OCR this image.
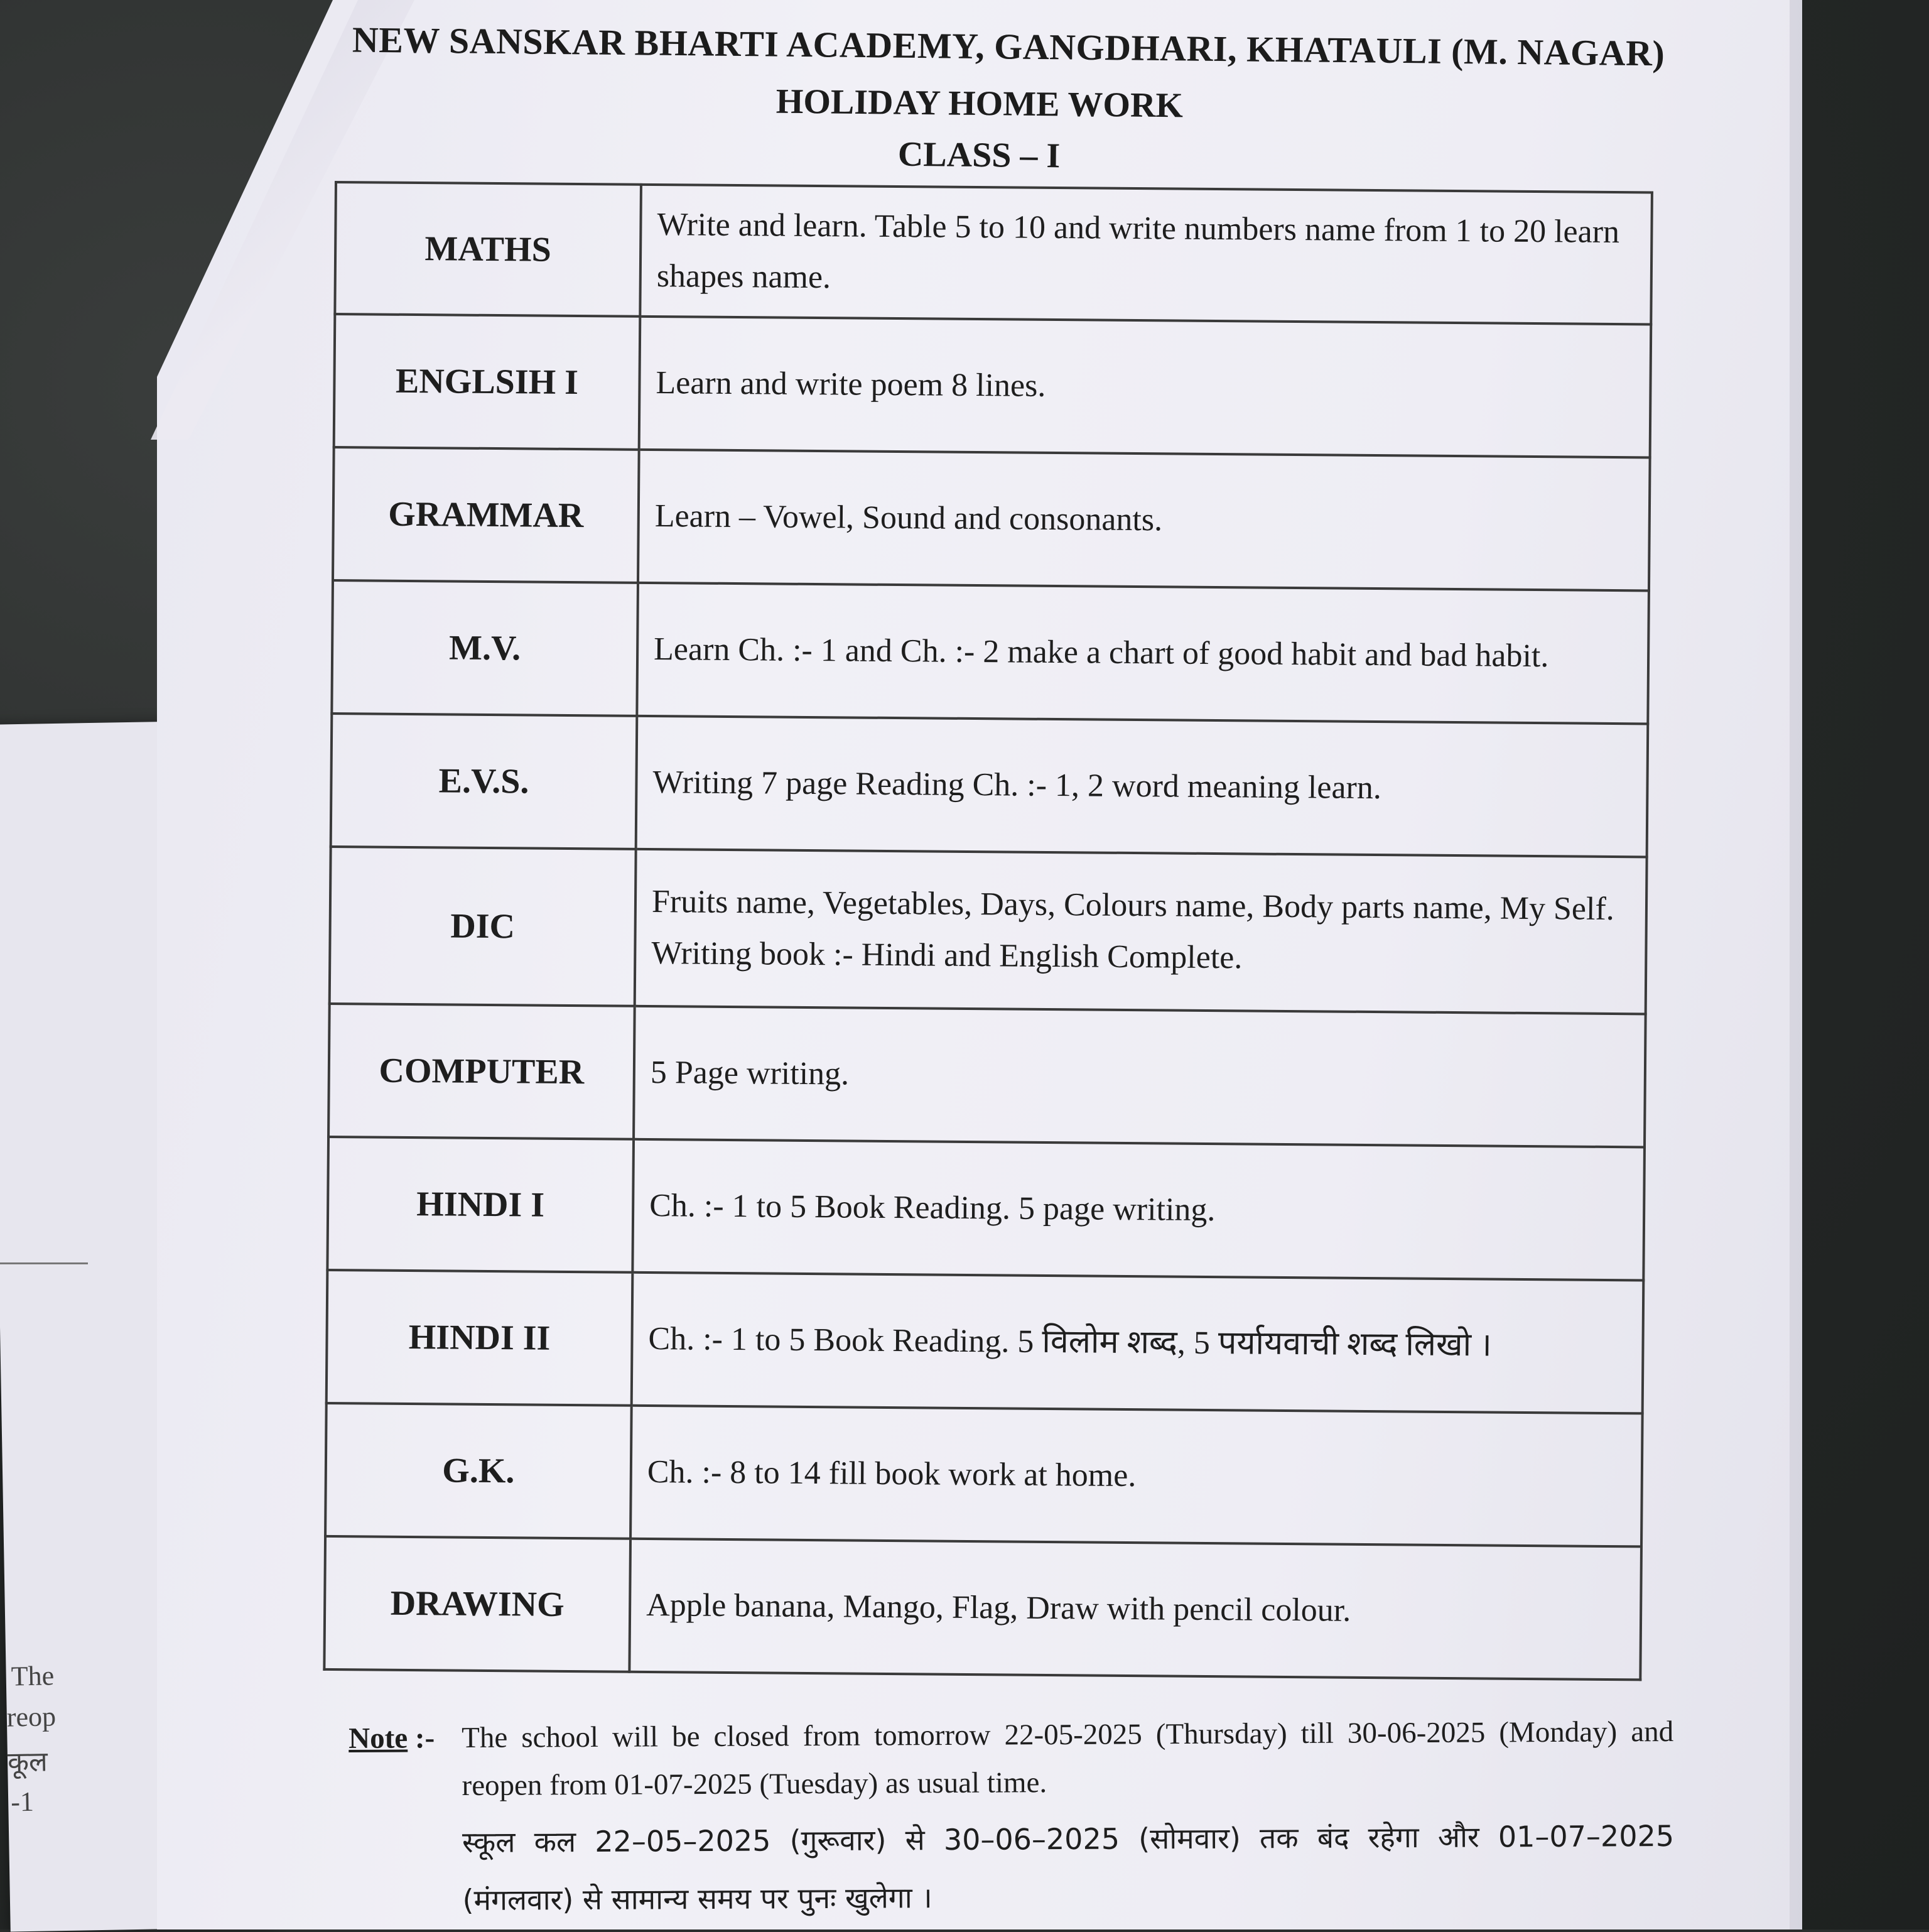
The
reop
कूल
-1
NEW SANSKAR BHARTI ACADEMY, GANGDHARI, KHATAULI (M. NAGAR)
HOLIDAY HOME WORK
CLASS – I
MATHS	Write and learn. Table 5 to 10 and write numbers name from 1 to 20 learn shapes name.

ENGLSIH I	Learn and write poem 8 lines.

GRAMMAR	Learn – Vowel, Sound and consonants.

M.V.	Learn Ch. :- 1 and Ch. :- 2 make a chart of good habit and bad habit.

E.V.S.	Writing 7 page Reading Ch. :- 1, 2 word meaning learn.

DIC	Fruits name, Vegetables, Days, Colours name, Body parts name, My Self.
Writing book :- Hindi and English Complete.

COMPUTER	5 Page writing.

HINDI I	Ch. :- 1 to 5 Book Reading. 5 page writing.

HINDI II	Ch. :- 1 to 5 Book Reading. 5 विलोम शब्द, 5 पर्यायवाची शब्द लिखो ।

G.K.	Ch. :- 8 to 14 fill book work at home.

DRAWING	Apple banana, Mango, Flag, Draw with pencil colour.
Note :- The school will be closed from tomorrow 22-05-2025 (Thursday) till 30-06-2025 (Monday) and reopen from 01-07-2025 (Tuesday) as usual time.
स्कूल कल 22–05–2025 (गुरूवार) से 30–06–2025 (सोमवार) तक बंद रहेगा और 01–07–2025 (मंगलवार) से सामान्य समय पर पुनः खुलेगा ।
